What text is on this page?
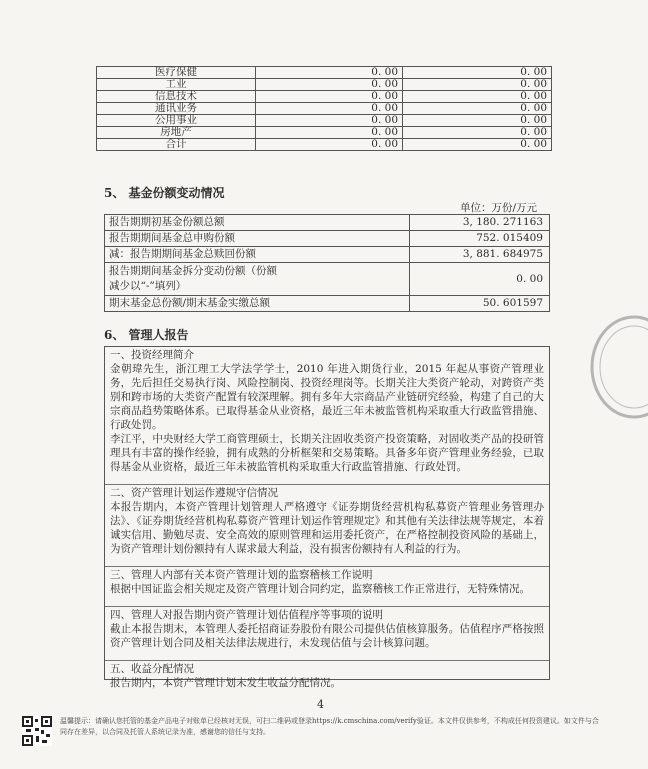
医疗保健	0. 00	0. 00
工业	0. 00	0. 00
信息技术	0. 00	0. 00
通讯业务	0. 00	0. 00
公用事业	0. 00	0. 00
房地产	0. 00	0. 00
合计	0. 00	0. 00
5、 基金份额变动情况
单位：万份/万元
报告期期初基金份额总额	3, 180. 271163
报告期期间基金总申购份额	752. 015409
减：报告期期间基金总赎回份额	3, 881. 684975
报告期期间基金拆分变动份额（份额
减少以“-”填列）	0. 00
期末基金总份额/期末基金实缴总额	50. 601597
6、 管理人报告
一、投资经理简介

金朝瑋先生，浙江理工大学法学学士，2010 年进入期货行业，2015 年起从事资产管理业务，先后担任交易执行岗、风险控制岗、投资经理岗等。长期关注大类资产轮动，对跨资产类别和跨市场的大类资产配置有较深理解。拥有多年大宗商品产业链研究经验，构建了自己的大宗商品趋势策略体系。已取得基金从业资格，最近三年未被监管机构采取重大行政监管措施、行政处罚。

李江平，中央财经大学工商管理硕士，长期关注固收类资产投资策略，对固收类产品的投研管理具有丰富的操作经验，拥有成熟的分析框架和交易策略。具备多年资产管理业务经验，已取得基金从业资格，最近三年未被监管机构采取重大行政监管措施、行政处罚。

二、资产管理计划运作遵规守信情况

本报告期内，本资产管理计划管理人严格遵守《证券期货经营机构私募资产管理业务管理办法》、《证券期货经营机构私募资产管理计划运作管理规定》和其他有关法律法规等规定，本着诚实信用、勤勉尽责、安全高效的原则管理和运用委托资产，在严格控制投资风险的基础上，为资产管理计划份额持有人谋求最大利益，没有损害份额持有人利益的行为。

三、管理人内部有关本资产管理计划的监察稽核工作说明

根据中国证监会相关规定及资产管理计划合同约定，监察稽核工作正常进行，无特殊情况。

四、管理人对报告期内资产管理计划估值程序等事项的说明

截止本报告期末，本管理人委托招商证券股份有限公司提供估值核算服务。估值程序严格按照资产管理计划合同及相关法律法规进行，未发现估值与会计核算问题。

五、收益分配情况

报告期内，本资产管理计划未发生收益分配情况。

4
温馨提示：请确认您托管的基金产品电子对账单已经核对无误，可扫二维码或登录https://k.cmschina.com/verify验证。本文件仅供参考，不构成任何投资建议。如文件与合同存在差异，以合同及托管人系统记录为准，感谢您的信任与支持。
